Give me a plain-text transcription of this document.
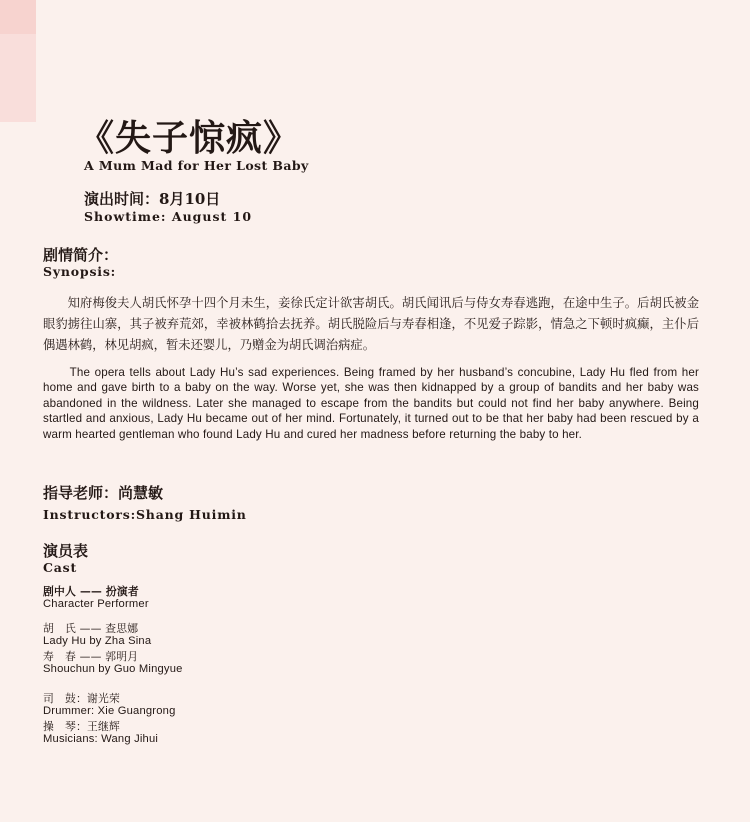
《失子惊疯》
A Mum Mad for Her Lost Baby
演出时间：8月10日
Showtime: August 10
剧情简介：
Synopsis:

知府梅俊夫人胡氏怀孕十四个月未生，妾徐氏定计欲害胡氏。胡氏闻讯后与侍女寿春逃跑，在途中生子。后胡氏被金眼豹掳往山寨，其子被弃荒郊，幸被林鹤拾去抚养。胡氏脱险后与寿春相逢，不见爱子踪影，情急之下顿时疯癫，主仆后偶遇林鹤，林见胡疯，暂未还婴儿，乃赠金为胡氏调治病症。

The opera tells about Lady Hu’s sad experiences. Being framed by her husband’s concubine, Lady Hu fled from her home and gave birth to a baby on the way. Worse yet, she was then kidnapped by a group of bandits and her baby was abandoned in the wildness. Later she managed to escape from the bandits but could not find her baby anywhere. Being startled and anxious, Lady Hu became out of her mind. Fortunately, it turned out to be that her baby had been rescued by a warm hearted gentleman who found Lady Hu and cured her madness before returning the baby to her.

指导老师：尚慧敏
Instructors:Shang Huimin
演员表
Cast
剧中人 —— 扮演者
Character Performer
胡　氏 —— 查思娜
Lady Hu by Zha Sina
寿　春 —— 郭明月
Shouchun by Guo Mingyue
司　鼓：谢光荣
Drummer: Xie Guangrong
操　琴：王继辉
Musicians: Wang Jihui
